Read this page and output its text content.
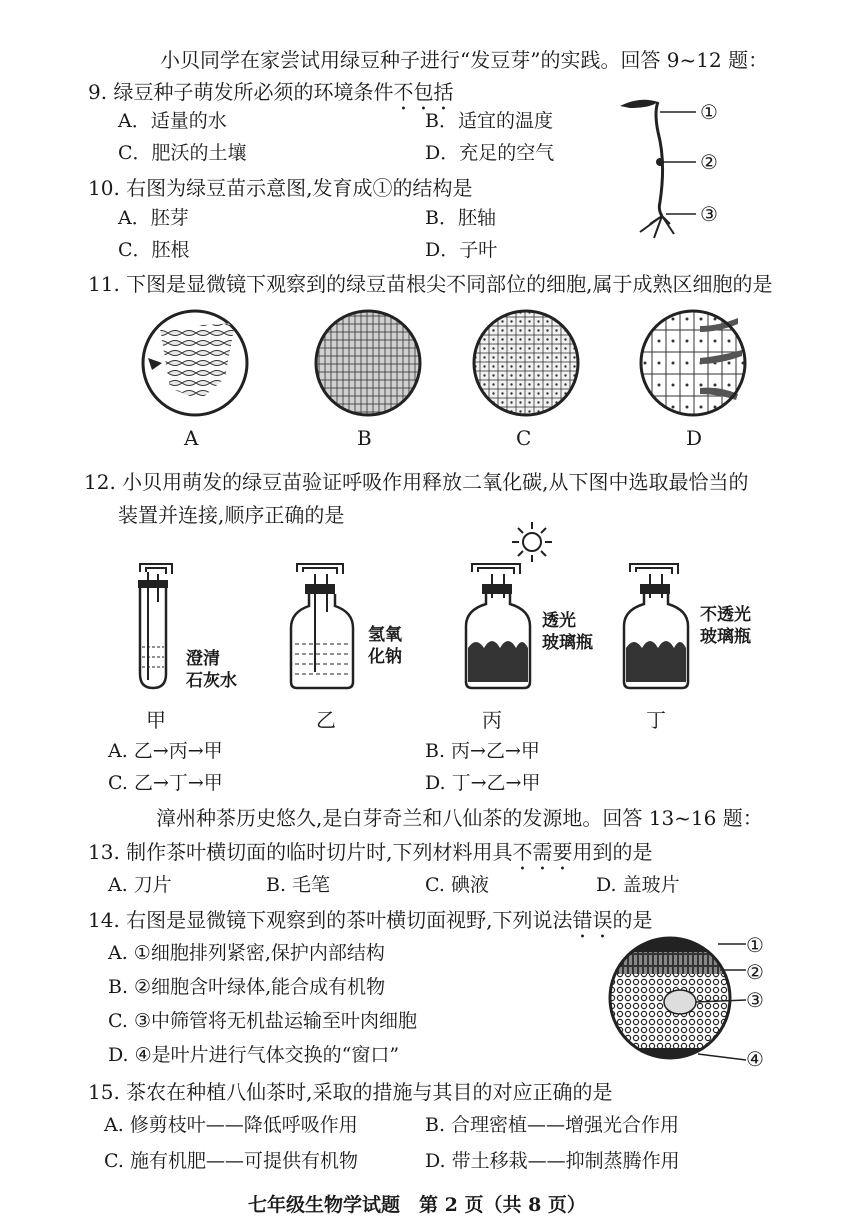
小贝同学在家尝试用绿豆种子进行“发豆芽”的实践。回答 9~12 题：
9. 绿豆种子萌发所必须的环境条件不包括
A．适量的水	B．适宜的温度
C．肥沃的土壤	D．充足的空气
10. 右图为绿豆苗示意图,发育成①的结构是
A．胚芽	B．胚轴
C．胚根	D．子叶
①
②
③
11. 下图是显微镜下观察到的绿豆苗根尖不同部位的细胞,属于成熟区细胞的是
A	B	C	D
12. 小贝用萌发的绿豆苗验证呼吸作用释放二氧化碳,从下图中选取最恰当的
装置并连接,顺序正确的是
澄清
石灰水
氢氧
化钠
透光
玻璃瓶
不透光
玻璃瓶
甲	乙	丙	丁
A. 乙→丙→甲	B. 丙→乙→甲
C. 乙→丁→甲	D. 丁→乙→甲
漳州种茶历史悠久,是白芽奇兰和八仙茶的发源地。回答 13~16 题：
13. 制作茶叶横切面的临时切片时,下列材料用具不需要用到的是
A. 刀片	B. 毛笔	C. 碘液	D. 盖玻片
14. 右图是显微镜下观察到的茶叶横切面视野,下列说法错误的是
A. ①细胞排列紧密,保护内部结构
B. ②细胞含叶绿体,能合成有机物
C. ③中筛管将无机盐运输至叶肉细胞
D. ④是叶片进行气体交换的“窗口”
①
②
③
④
15. 茶农在种植八仙茶时,采取的措施与其目的对应正确的是
A. 修剪枝叶——降低呼吸作用	B. 合理密植——增强光合作用
C. 施有机肥——可提供有机物	D. 带土移栽——抑制蒸腾作用
七年级生物学试题　第 2 页（共 8 页）
